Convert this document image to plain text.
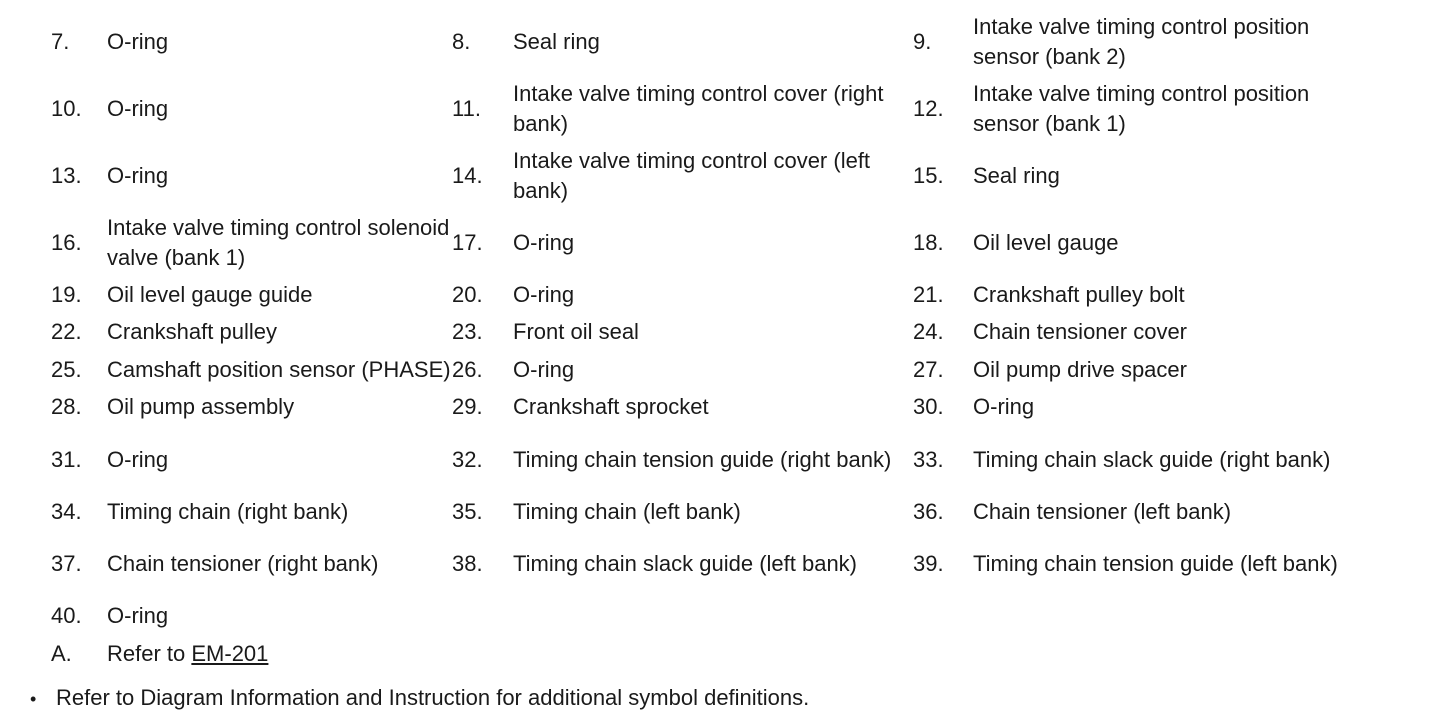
7.	O-ring	8.	Seal ring	9.	Intake valve timing control position sensor (bank 2)
10.	O-ring	11.	Intake valve timing control cover (right bank)	12.	Intake valve timing control position sensor (bank 1)
13.	O-ring	14.	Intake valve timing control cover (left bank)	15.	Seal ring
16.	Intake valve timing control solenoid valve (bank 1)	17.	O-ring	18.	Oil level gauge
19.	Oil level gauge guide	20.	O-ring	21.	Crankshaft pulley bolt
22.	Crankshaft pulley	23.	Front oil seal	24.	Chain tensioner cover
25.	Camshaft position sensor (PHASE)	26.	O-ring	27.	Oil pump drive spacer
28.	Oil pump assembly	29.	Crankshaft sprocket	30.	O-ring
31.	O-ring	32.	Timing chain tension guide (right bank)	33.	Timing chain slack guide (right bank)
34.	Timing chain (right bank)	35.	Timing chain (left bank)	36.	Chain tensioner (left bank)
37.	Chain tensioner (right bank)	38.	Timing chain slack guide (left bank)	39.	Timing chain tension guide (left bank)
40.	O-ring				
A.	Refer to EM-201				
• Refer to Diagram Information and Instruction for additional symbol definitions.
